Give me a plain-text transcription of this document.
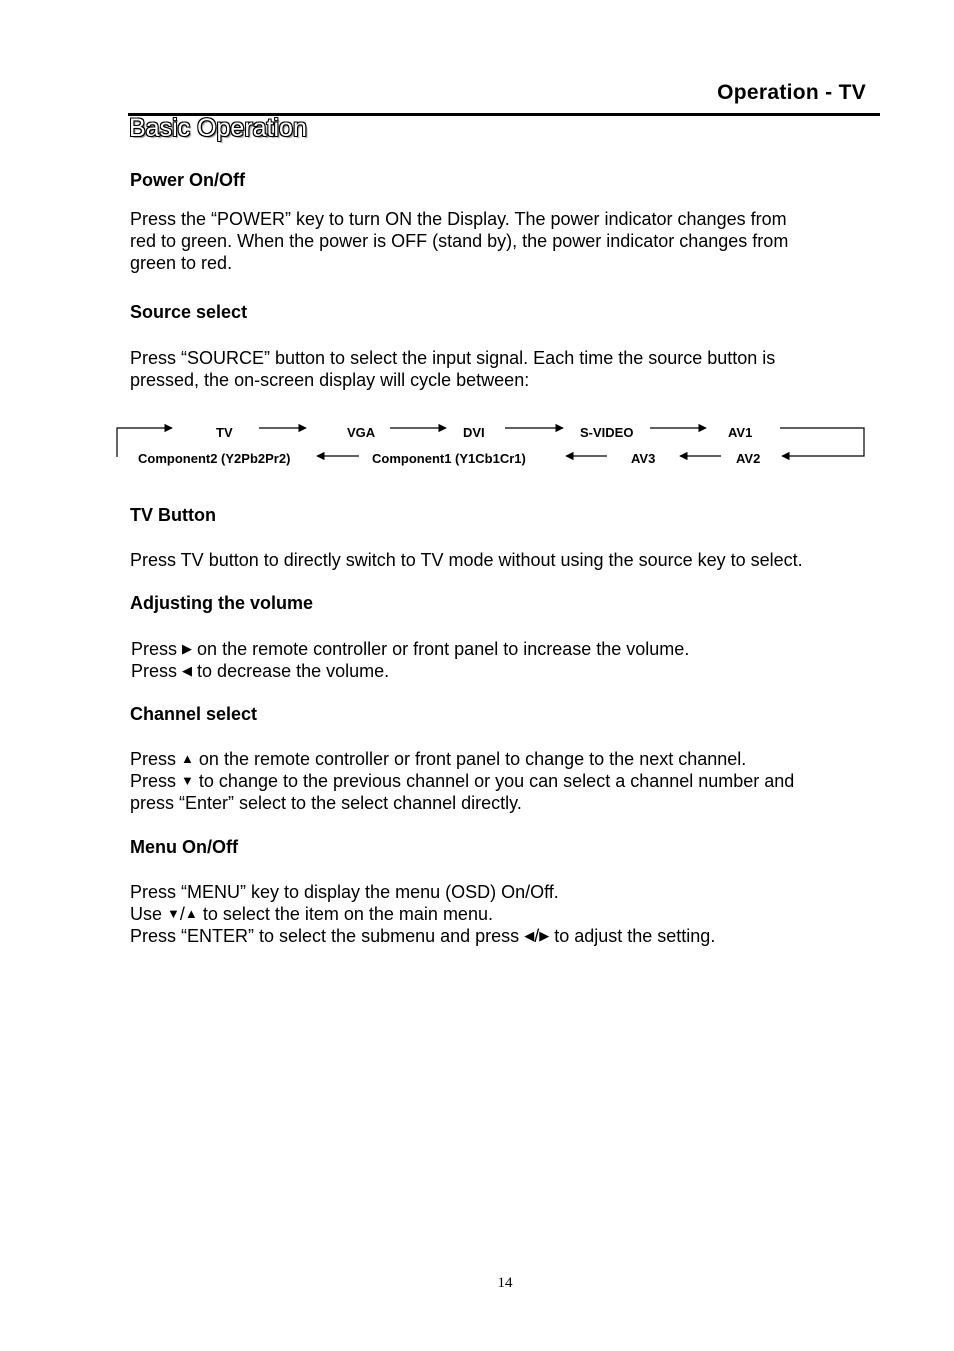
Operation - TV
Basic Operation
Power On/Off
Press the “POWER” key to turn ON the Display. The power indicator changes from
red to green. When the power is OFF (stand by), the power indicator changes from
green to red.
Source select
Press “SOURCE” button to select the input signal. Each time the source button is
pressed, the on-screen display will cycle between:
TV	VGA	DVI	S-VIDEO	AV1
Component2 (Y2Pb2Pr2)	Component1 (Y1Cb1Cr1)	AV3	AV2
TV Button
Press TV button to directly switch to TV mode without using the source key to select.
Adjusting the volume
Press ▶ on the remote controller or front panel to increase the volume.
Press ◀ to decrease the volume.
Channel select
Press ▲ on the remote controller or front panel to change to the next channel.
Press ▼ to change to the previous channel or you can select a channel number and
press “Enter” select to the select channel directly.
Menu On/Off
Press “MENU” key to display the menu (OSD) On/Off.
Use ▼/▲ to select the item on the main menu.
Press “ENTER” to select the submenu and press ◀/▶ to adjust the setting.
14
